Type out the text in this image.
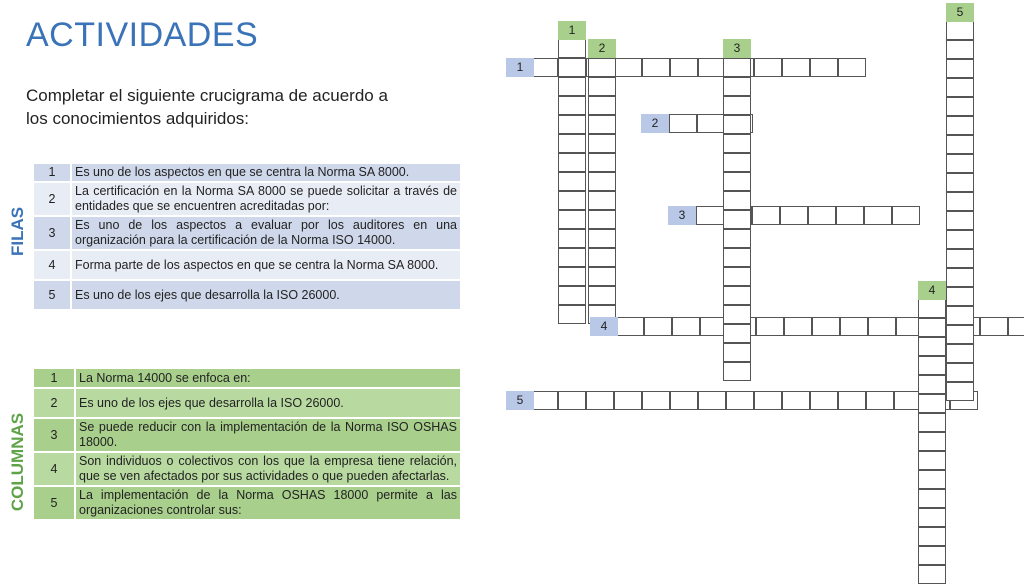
ACTIVIDADES

Completar el siguiente crucigrama de acuerdo a los conocimientos adquiridos:

FILAS
COLUMNAS
1	Es uno de los aspectos en que se centra la Norma SA 8000.
2	La certificación en la Norma SA 8000 se puede solicitar a través de entidades que se encuentren acreditadas por:
3	Es uno de los aspectos a evaluar por los auditores en una organización para la certificación de la Norma ISO 14000.
4	Forma parte de los aspectos en que se centra la Norma SA 8000.
5	Es uno de los ejes que desarrolla la ISO 26000.
1	La Norma 14000 se enfoca en:
2	Es uno de los ejes que desarrolla la ISO 26000.
3	Se puede reducir con la implementación de la Norma ISO OSHAS 18000.
4	Son individuos o colectivos con los que la empresa tiene relación, que se ven afectados por sus actividades o que pueden afectarlas.
5	La implementación de la Norma OSHAS 18000 permite a las organizaciones controlar sus:
1
2
3
4
5
1
2	3
4
5
